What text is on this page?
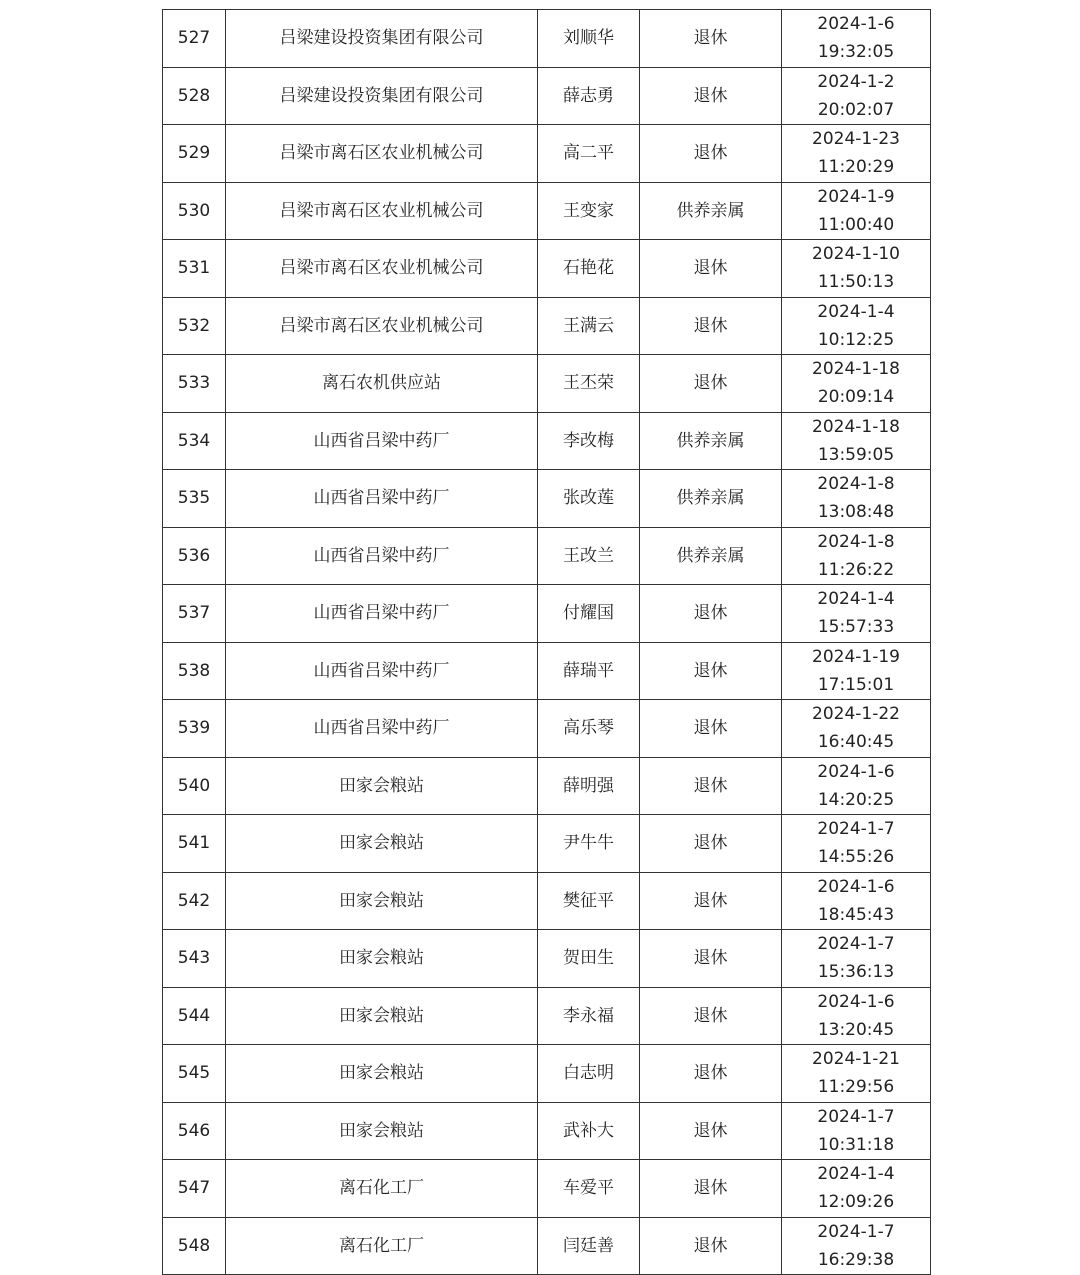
527	吕梁建设投资集团有限公司	刘顺华	退休	2024-1-6
19:32:05

528	吕梁建设投资集团有限公司	薛志勇	退休	2024-1-2
20:02:07

529	吕梁市离石区农业机械公司	高二平	退休	2024-1-23
11:20:29

530	吕梁市离石区农业机械公司	王变家	供养亲属	2024-1-9
11:00:40

531	吕梁市离石区农业机械公司	石艳花	退休	2024-1-10
11:50:13

532	吕梁市离石区农业机械公司	王满云	退休	2024-1-4
10:12:25

533	离石农机供应站	王丕荣	退休	2024-1-18
20:09:14

534	山西省吕梁中药厂	李改梅	供养亲属	2024-1-18
13:59:05

535	山西省吕梁中药厂	张改莲	供养亲属	2024-1-8
13:08:48

536	山西省吕梁中药厂	王改兰	供养亲属	2024-1-8
11:26:22

537	山西省吕梁中药厂	付耀国	退休	2024-1-4
15:57:33

538	山西省吕梁中药厂	薛瑞平	退休	2024-1-19
17:15:01

539	山西省吕梁中药厂	高乐琴	退休	2024-1-22
16:40:45

540	田家会粮站	薛明强	退休	2024-1-6
14:20:25

541	田家会粮站	尹牛牛	退休	2024-1-7
14:55:26

542	田家会粮站	樊征平	退休	2024-1-6
18:45:43

543	田家会粮站	贺田生	退休	2024-1-7
15:36:13

544	田家会粮站	李永福	退休	2024-1-6
13:20:45

545	田家会粮站	白志明	退休	2024-1-21
11:29:56

546	田家会粮站	武补大	退休	2024-1-7
10:31:18

547	离石化工厂	车爱平	退休	2024-1-4
12:09:26

548	离石化工厂	闫廷善	退休	2024-1-7
16:29:38
